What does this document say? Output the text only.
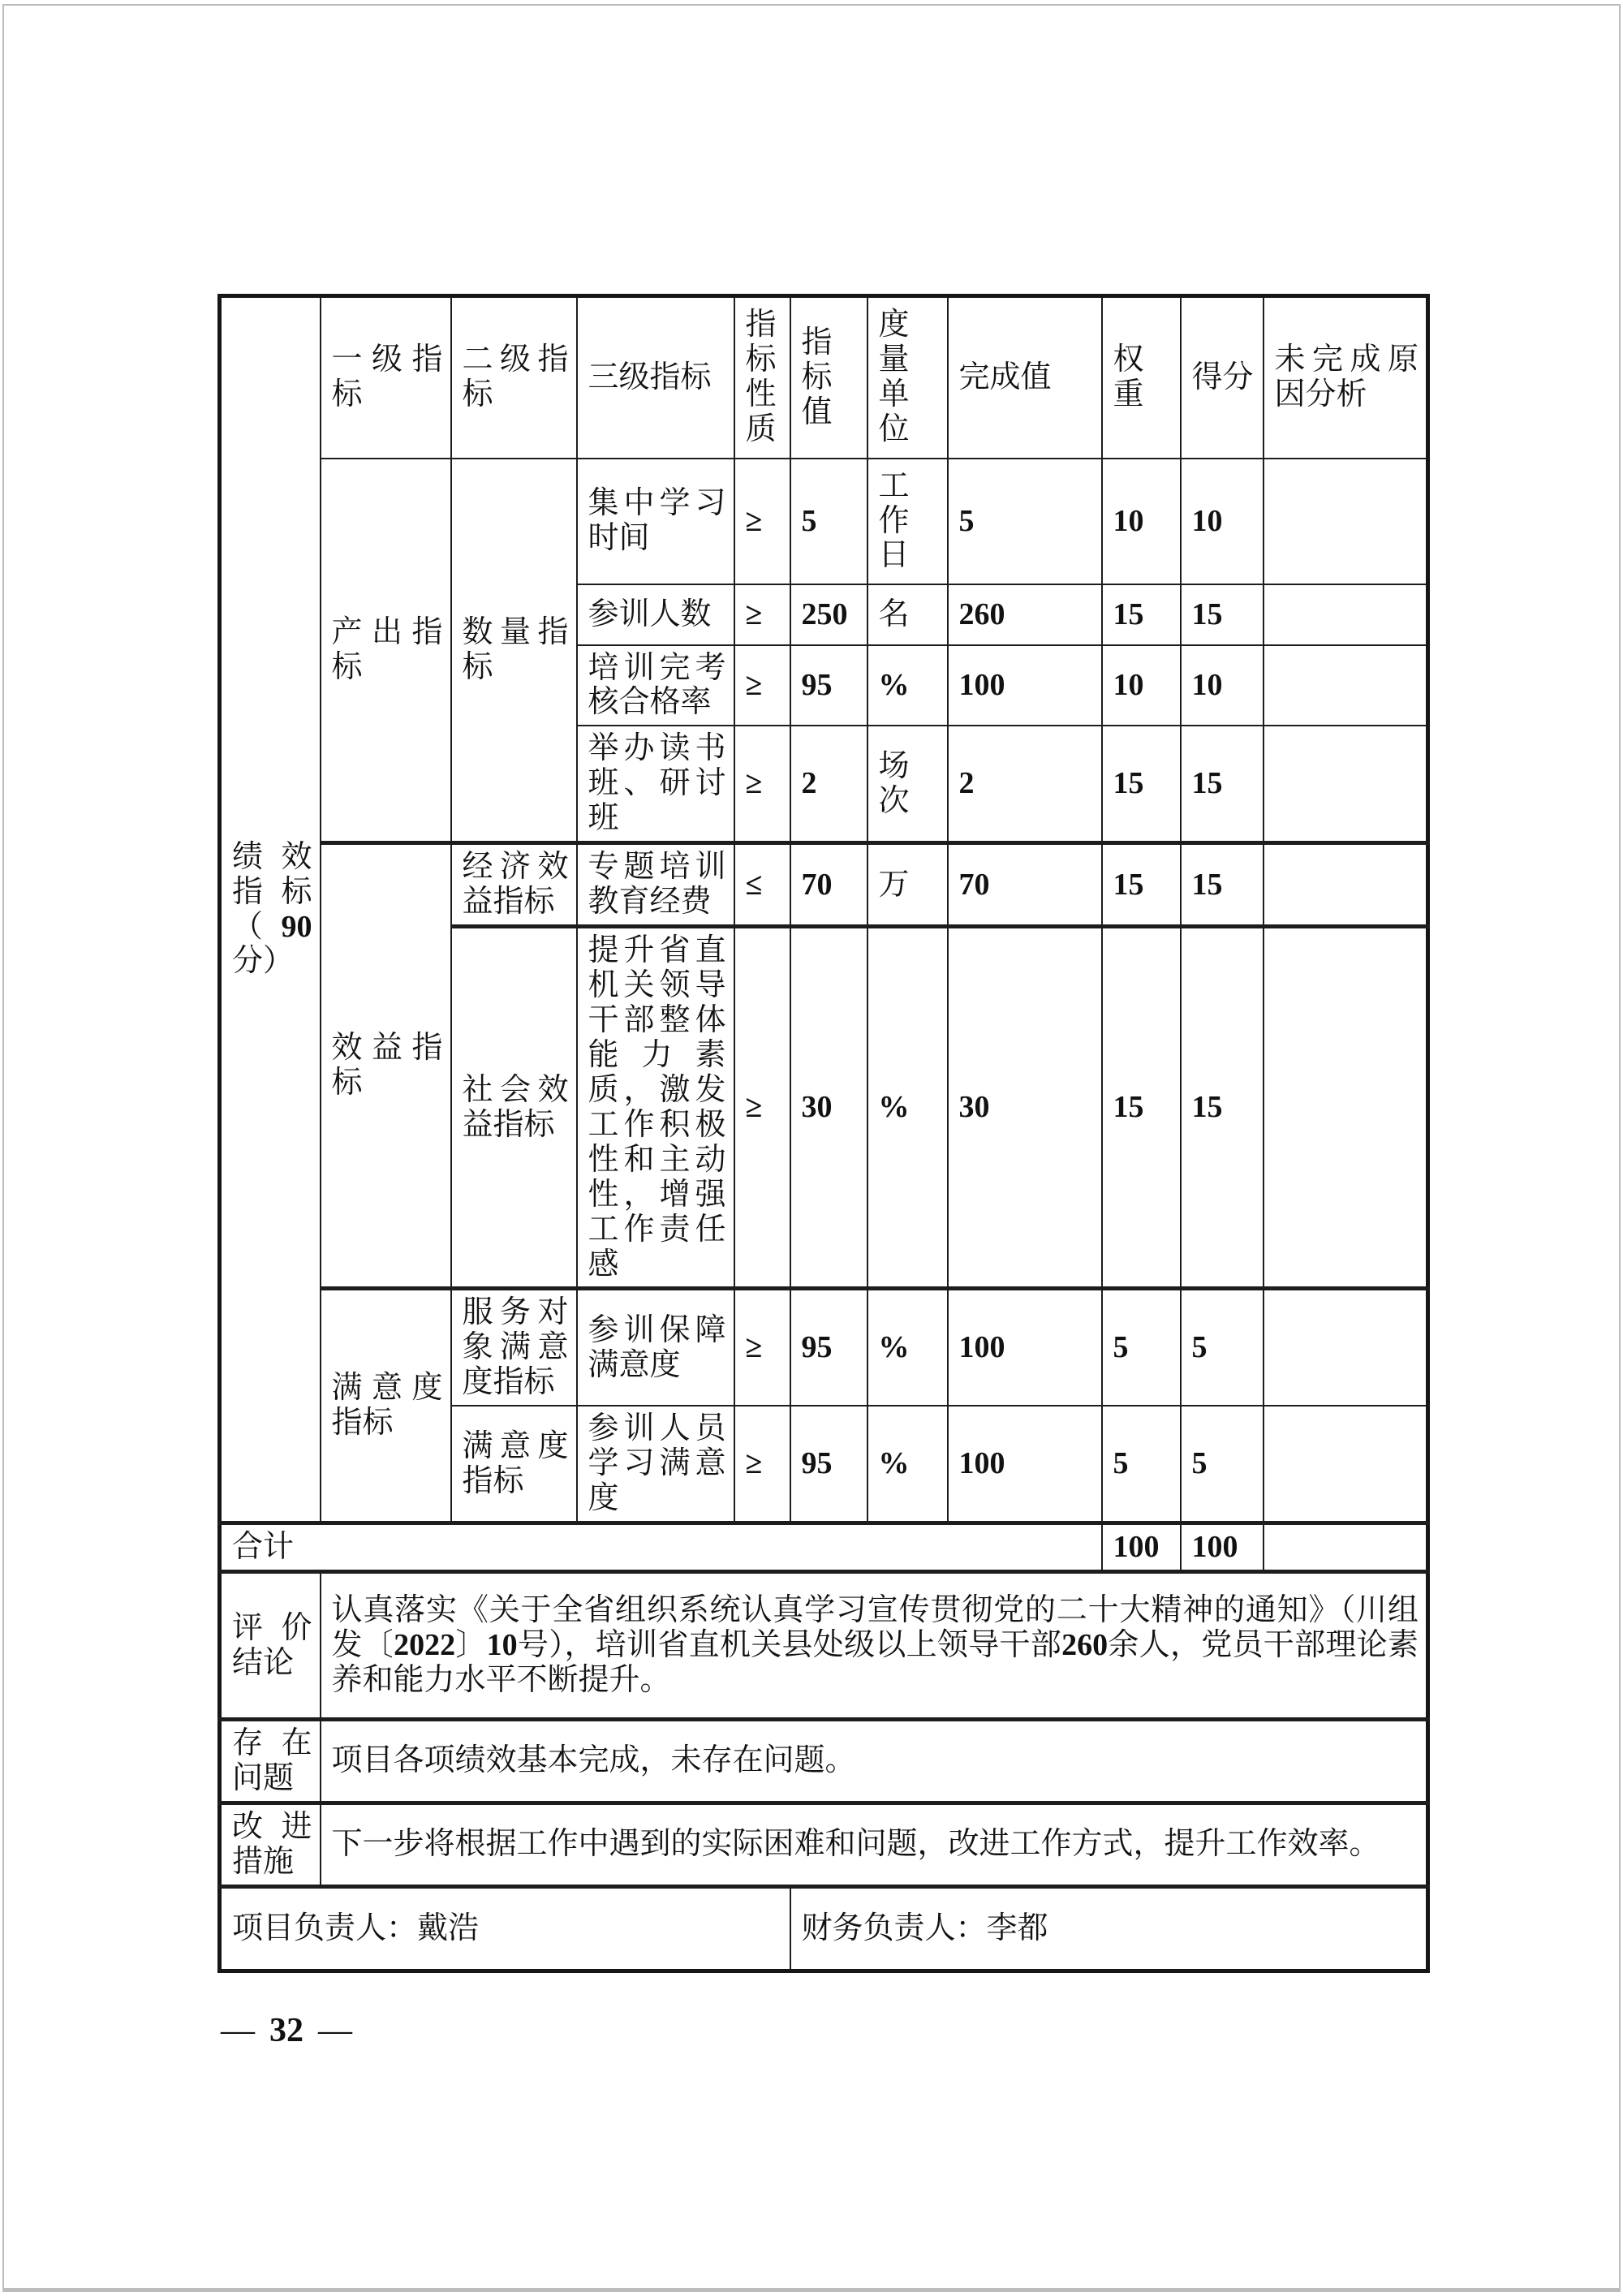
绩效指标（90分）	一级指标	二级指标	三级指标	指标性质	指标值	度量单位	完成值	权重	得分	未完成原因分析
	产出指标	数量指标	集中学习时间	≥	5	工作日	5	10	10	
			参训人数	≥	250	名	260	15	15	
			培训完考核合格率	≥	95	%	100	10	10	
			举办读书班、研讨班	≥	2	场次	2	15	15	
	效益指标	经济效益指标	专题培训教育经费	≤	70	万	70	15	15	
		社会效益指标	提升省直机关领导干部整体能力素质，激发工作积极性和主动性，增强工作责任感	≥	30	%	30	15	15	
	满意度指标	服务对象满意度指标	参训保障满意度	≥	95	%	100	5	5	
		满意度指标	参训人员学习满意度	≥	95	%	100	5	5	
合计								100	100	
评价结论	认真落实《关于全省组织系统认真学习宣传贯彻党的二十大精神的通知》（川组发〔2022〕10号），培训省直机关县处级以上领导干部260余人，党员干部理论素养和能力水平不断提升。									
存在问题	项目各项绩效基本完成，未存在问题。									
改进措施	下一步将根据工作中遇到的实际困难和问题，改进工作方式，提升工作效率。									
项目负责人：戴浩					财务负责人：李都					
— 32 —
